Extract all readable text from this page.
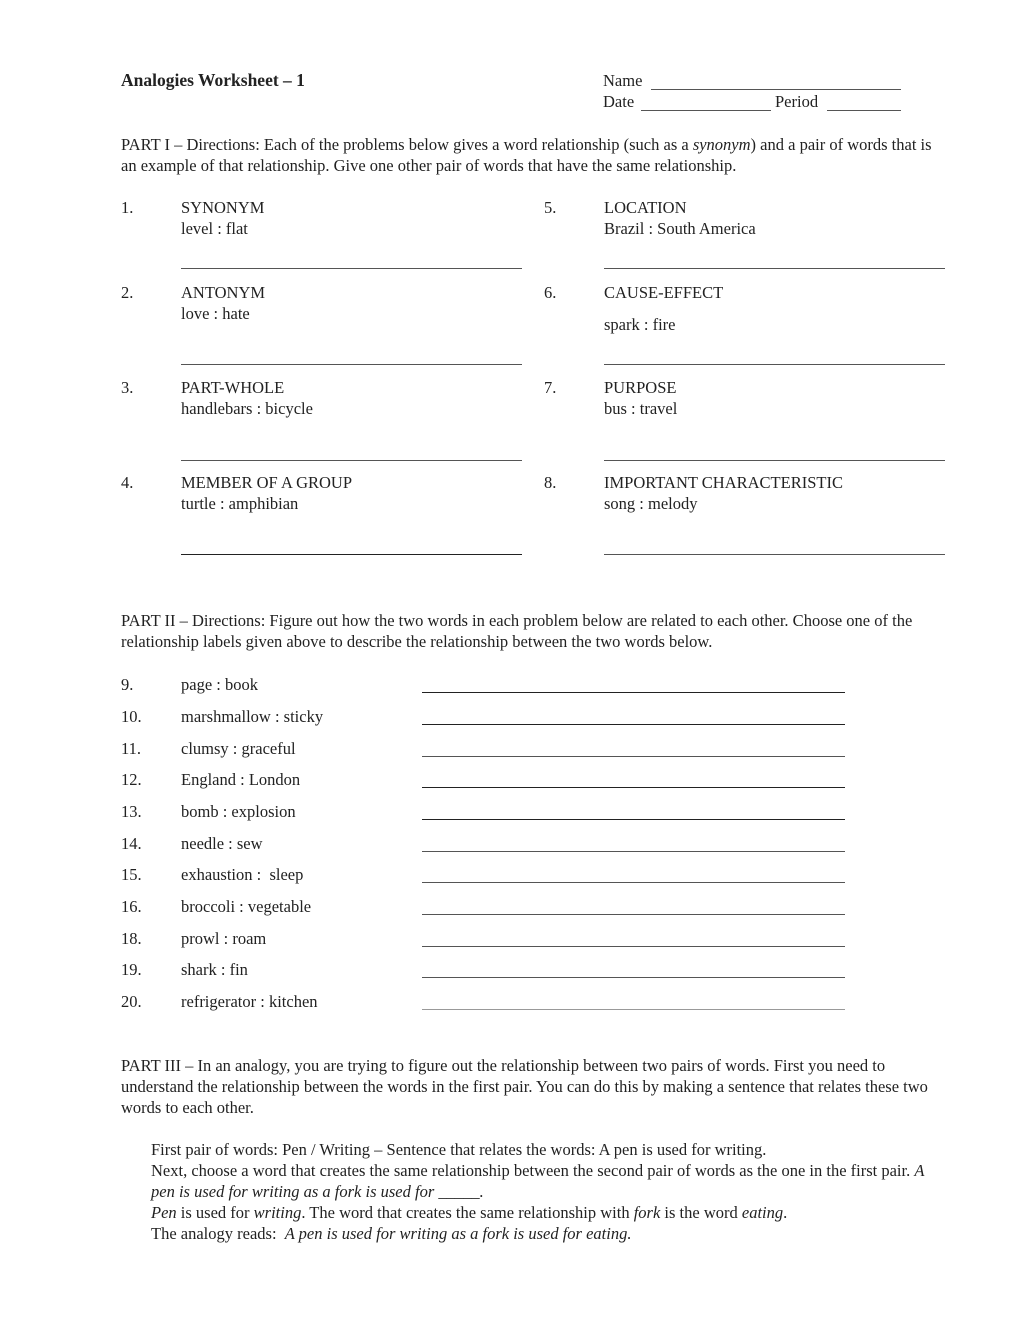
Analogies Worksheet – 1	Name
Date	Period
PART I – Directions: Each of the problems below gives a word relationship (such as a synonym) and a pair of words that is an example of that relationship. Give one other pair of words that have the same relationship.
1.	SYNONYM
level : flat
2.	ANTONYM
love : hate
3.	PART-WHOLE
handlebars : bicycle
4.	MEMBER OF A GROUP
turtle : amphibian
5.	LOCATION
Brazil : South America
6.	CAUSE-EFFECT
spark : fire
7.	PURPOSE
bus : travel
8.	IMPORTANT CHARACTERISTIC
song : melody
PART II – Directions: Figure out how the two words in each problem below are related to each other. Choose one of the relationship labels given above to describe the relationship between the two words below.
9.	page : book
10. marshmallow : sticky
11. clumsy : graceful
12. England : London
13. bomb : explosion
14. needle : sew
15. exhaustion :  sleep
16. broccoli : vegetable
18. prowl : roam
19. shark : fin
20. refrigerator : kitchen
PART III – In an analogy, you are trying to figure out the relationship between two pairs of words. First you need to understand the relationship between the words in the first pair. You can do this by making a sentence that relates these two words to each other.

First pair of words: Pen / Writing – Sentence that relates the words: A pen is used for writing.

Next, choose a word that creates the same relationship between the second pair of words as the one in the first pair. A pen is used for writing as a fork is used for _____.

Pen is used for writing. The word that creates the same relationship with fork is the word eating.

The analogy reads:  A pen is used for writing as a fork is used for eating.
